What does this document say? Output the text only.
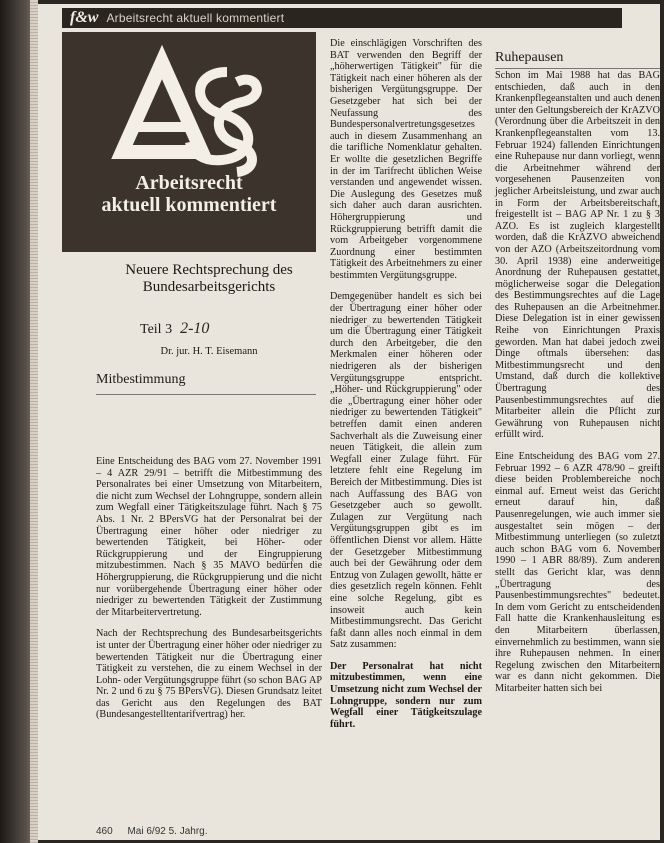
f&w Arbeitsrecht aktuell kommentiert
Arbeitsrecht
aktuell kommentiert
Neuere Rechtsprechung des Bundesarbeitsgerichts
Teil 3 2-10
Dr. jur. H. T. Eisemann
Mitbestimmung

Eine Entscheidung des BAG vom 27. November 1991 – 4 AZR 29/91 – betrifft die Mitbestimmung des Personalrates bei einer Umsetzung von Mitarbeitern, die nicht zum Wechsel der Lohngruppe, sondern allein zum Wegfall einer Tätigkeitszulage führt. Nach § 75 Abs. 1 Nr. 2 BPersVG hat der Personalrat bei der Übertragung einer höher oder niedriger zu bewertenden Tätigkeit, bei Höher- oder Rückgruppierung und der Eingruppierung mitzubestimmen. Nach § 35 MAVO bedürfen die Höhergruppierung, die Rückgruppierung und die nicht nur vorübergehende Übertragung einer höher oder niedriger zu bewertenden Tätigkeit der Zustimmung der Mitarbeitervertretung.

Nach der Rechtsprechung des Bundesarbeitsgerichts ist unter der Übertragung einer höher oder niedriger zu bewertenden Tätigkeit nur die Übertragung einer Tätigkeit zu verstehen, die zu einem Wechsel in der Lohn- oder Vergütungsgruppe führt (so schon BAG AP Nr. 2 und 6 zu § 75 BPersVG). Diesen Grundsatz leitet das Gericht aus den Regelungen des BAT (Bundesangestelltentarifvertrag) her.

Die einschlägigen Vorschriften des BAT verwenden den Begriff der „höherwertigen Tätigkeit" für die Tätigkeit nach einer höheren als der bisherigen Vergütungsgruppe. Der Gesetzgeber hat sich bei der Neufassung des Bundespersonalvertretungsgesetzes auch in diesem Zusammenhang an die tarifliche Nomenklatur gehalten. Er wollte die gesetzlichen Begriffe in der im Tarifrecht üblichen Weise verstanden und angewendet wissen. Die Auslegung des Gesetzes muß sich daher auch daran ausrichten. Höhergruppierung und Rückgruppierung betrifft damit die vom Arbeitgeber vorgenommene Zuordnung einer bestimmten Tätigkeit des Arbeitnehmers zu einer bestimmten Vergütungsgruppe.

Demgegenüber handelt es sich bei der Übertragung einer höher oder niedriger zu bewertenden Tätigkeit um die Übertragung einer Tätigkeit durch den Arbeitgeber, die den Merkmalen einer höheren oder niedrigeren als der bisherigen Vergütungsgruppe entspricht. „Höher- und Rückgruppierung" oder die „Übertragung einer höher oder niedriger zu bewertenden Tätigkeit" betreffen damit einen anderen Sachverhalt als die Zuweisung einer neuen Tätigkeit, die allein zum Wegfall einer Zulage führt. Für letztere fehlt eine Regelung im Bereich der Mitbestimmung. Dies ist nach Auffassung des BAG von Gesetzgeber auch so gewollt. Zulagen zur Vergütung nach Vergütungsgruppen gibt es im öffentlichen Dienst vor allem. Hätte der Gesetzgeber Mitbestimmung auch bei der Gewährung oder dem Entzug von Zulagen gewollt, hätte er dies gesetzlich regeln können. Fehlt eine solche Regelung, gibt es insoweit auch kein Mitbestimmungsrecht. Das Gericht faßt dann alles noch einmal in dem Satz zusammen:

Der Personalrat hat nicht mitzubestimmen, wenn eine Umsetzung nicht zum Wechsel der Lohngruppe, sondern nur zum Wegfall einer Tätigkeitszulage führt.

Ruhepausen

Schon im Mai 1988 hat das BAG entschieden, daß auch in den Krankenpflegeanstalten und auch denen unter den Geltungsbereich der KrAZVO (Verordnung über die Arbeitszeit in den Krankenpflegeanstalten vom 13. Februar 1924) fallenden Einrichtungen eine Ruhepause nur dann vorliegt, wenn die Arbeitnehmer während der vorgesehenen Pausenzeiten von jeglicher Arbeitsleistung, und zwar auch in Form der Arbeitsbereitschaft, freigestellt ist – BAG AP Nr. 1 zu § 3 AZO. Es ist zugleich klargestellt worden, daß die KrAZVO abweichend von der AZO (Arbeitszeitordnung vom 30. April 1938) eine anderweitige Anordnung der Ruhepausen gestattet, möglicherweise sogar die Delegation des Bestimmungsrechtes auf die Lage des Ruhepausen an die Arbeitnehmer. Diese Delegation ist in einer gewissen Reihe von Einrichtungen Praxis geworden. Man hat dabei jedoch zwei Dinge oftmals übersehen: das Mitbestimmungsrecht und den Umstand, daß durch die kollektive Übertragung des Pausenbestimmungsrechtes auf die Mitarbeiter allein die Pflicht zur Gewährung von Ruhepausen nicht erfüllt wird.

Eine Entscheidung des BAG vom 27. Februar 1992 – 6 AZR 478/90 – greift diese beiden Problembereiche noch einmal auf. Erneut weist das Gericht erneut darauf hin, daß Pausenregelungen, wie auch immer sie ausgestaltet sein mögen – der Mitbestimmung unterliegen (so zuletzt auch schon BAG vom 6. November 1990 – 1 ABR 88/89). Zum anderen stellt das Gericht klar, was denn „Übertragung des Pausenbestimmungsrechtes" bedeutet. In dem vom Gericht zu entscheidenden Fall hatte die Krankenhausleitung es den Mitarbeitern überlassen, einvernehmlich zu bestimmen, wann sie ihre Ruhepausen nehmen. In einer Regelung zwischen den Mitarbeitern war es dann nicht gekommen. Die Mitarbeiter hatten sich bei

460 Mai 6/92 5. Jahrg.
